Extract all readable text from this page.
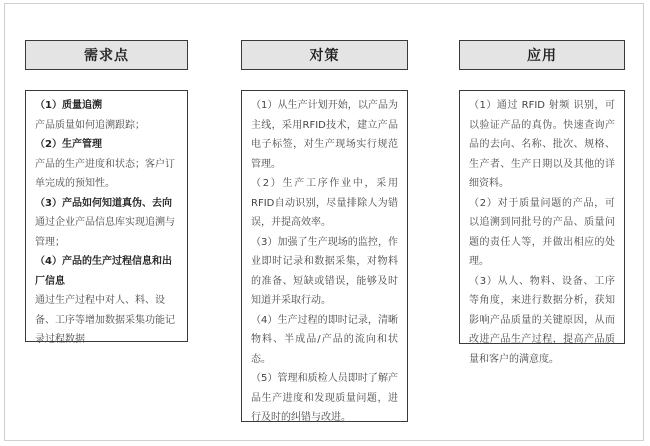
需求点

（1）质量追溯

产品质量如何追溯跟踪；

（2）生产管理

产品的生产进度和状态；客户订单完成的预知性。

（3）产品如何知道真伪、去向

通过企业产品信息库实现追溯与管理；

（4）产品的生产过程信息和出厂信息

通过生产过程中对人、料、设备、工序等增加数据采集功能记录过程数据

对策

（1）从生产计划开始，以产品为主线，采用RFID技术，建立产品电子标签，对生产现场实行规范管理。

（2）生产工序作业中，采用RFID自动识别，尽量排除人为错误，并提高效率。

（3）加强了生产现场的监控，作业即时记录和数据采集，对物料的准备、短缺或错误，能够及时知道并采取行动。

（4）生产过程的即时记录，清晰物料、半成品/产品的流向和状态。

（5）管理和质检人员即时了解产品生产进度和发现质量问题，进行及时的纠错与改进。

应用

（1）通过 RFID 射频 识别，可以验证产品的真伪。快速查询产品的去向、名称、批次、规格、生产者、生产日期以及其他的详细资料。

（2）对于质量问题的产品，可以追溯到同批号的产品、质量问题的责任人等，并做出相应的处理。

（3）从人、物料、设备、工序等角度，来进行数据分析，获知影响产品质量的关键原因，从而改进产品生产过程，提高产品质量和客户的满意度。
